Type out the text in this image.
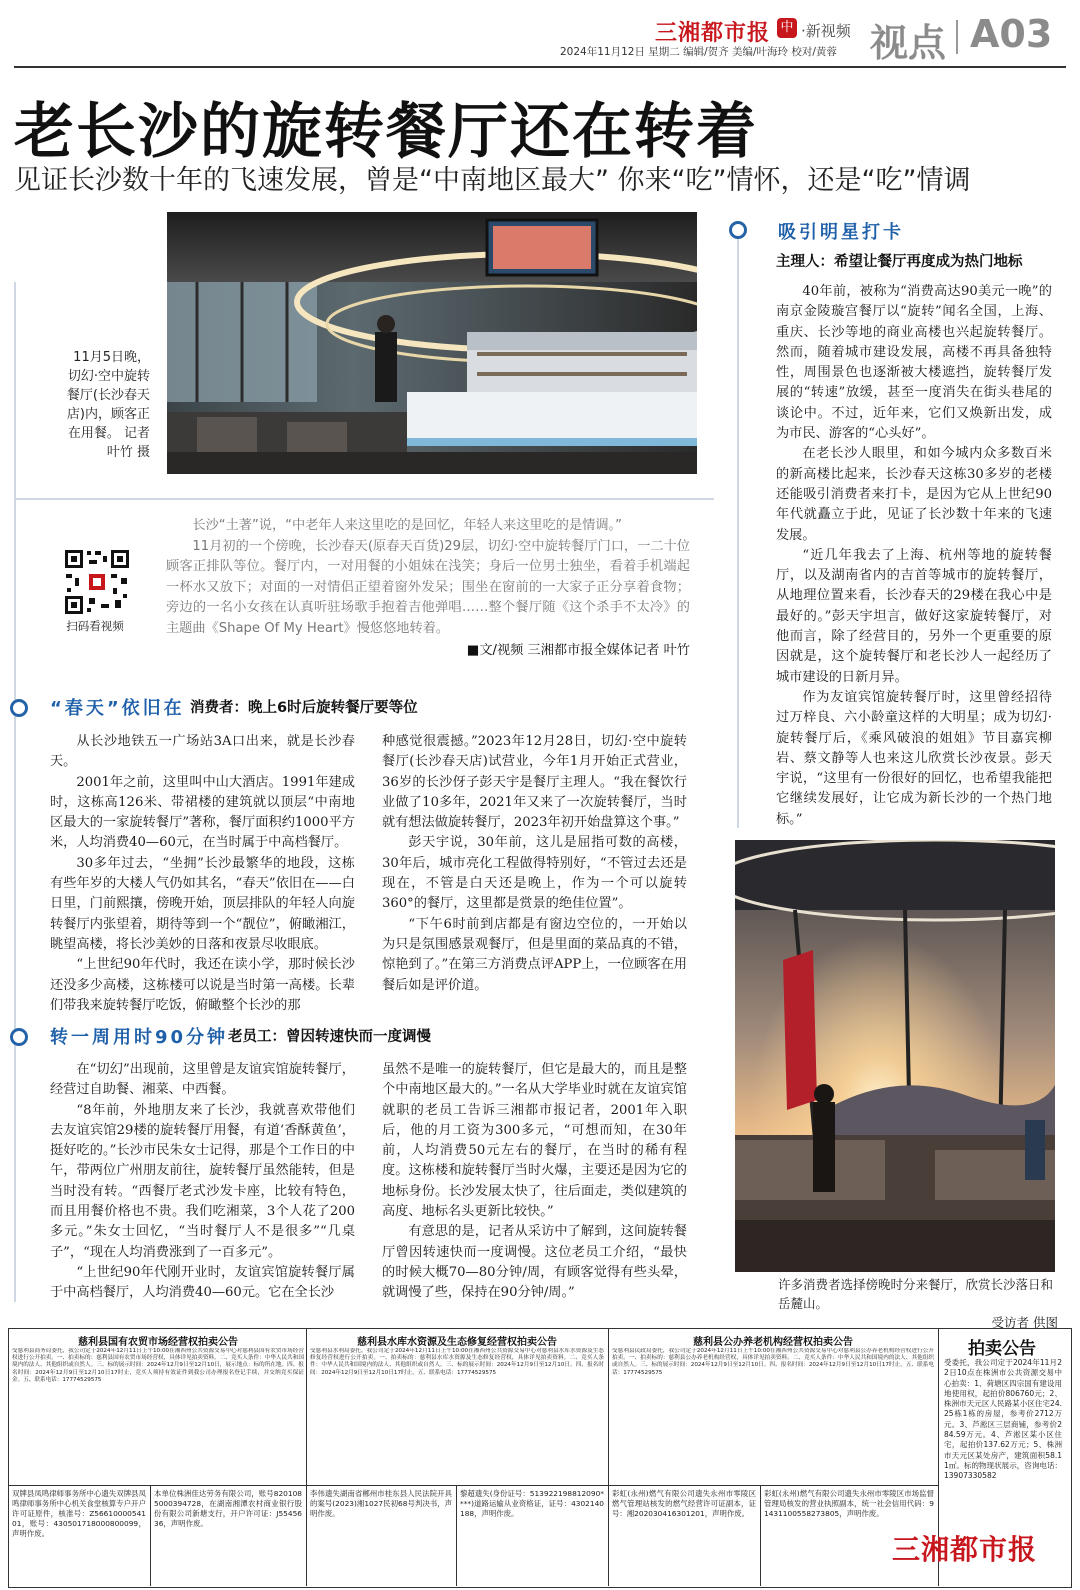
三湘都市报 中 ·新视频
2024年11月12日 星期二 编辑/贺齐 美编/叶海玲 校对/黄蓉 视点 A03
老长沙的旋转餐厅还在转着
见证长沙数十年的飞速发展，曾是“中南地区最大” 你来“吃”情怀，还是“吃”情调
11月5日晚，切幻·空中旋转餐厅(长沙春天店)内，顾客正在用餐。 记者 叶竹 摄
扫码看视频

长沙“土著”说，“中老年人来这里吃的是回忆，年轻人来这里吃的是情调。”

11月初的一个傍晚，长沙春天(原春天百货)29层，切幻·空中旋转餐厅门口，一二十位顾客正排队等位。餐厅内，一对用餐的小姐妹在浅笑；身后一位男士独坐，看着手机端起一杯水又放下；对面的一对情侣正望着窗外发呆；围坐在窗前的一大家子正分享着食物；旁边的一名小女孩在认真听驻场歌手抱着吉他弹唱……整个餐厅随《这个杀手不太冷》的主题曲《Shape Of My Heart》慢悠悠地转着。

■文/视频 三湘都市报全媒体记者 叶竹

“春天”依旧在 消费者：晚上6时后旋转餐厅要等位

从长沙地铁五一广场站3A口出来，就是长沙春天。

2001年之前，这里叫中山大酒店。1991年建成时，这栋高126米、带裙楼的建筑就以顶层“中南地区最大的一家旋转餐厅”著称，餐厅面积约1000平方米，人均消费40—60元，在当时属于中高档餐厅。

30多年过去，“坐拥”长沙最繁华的地段，这栋有些年岁的大楼人气仍如其名，“春天”依旧在——白日里，门前熙攘，傍晚开始，顶层排队的年轻人向旋转餐厅内张望着，期待等到一个“靓位”，俯瞰湘江，眺望高楼，将长沙美妙的日落和夜景尽收眼底。

“上世纪90年代时，我还在读小学，那时候长沙还没多少高楼，这栋楼可以说是当时第一高楼。长辈们带我来旋转餐厅吃饭，俯瞰整个长沙的那

种感觉很震撼。”2023年12月28日，切幻·空中旋转餐厅(长沙春天店)试营业，今年1月开始正式营业，36岁的长沙伢子彭天宇是餐厅主理人。“我在餐饮行业做了10多年，2021年又来了一次旋转餐厅，当时就有想法做旋转餐厅，2023年初开始盘算这个事。”

彭天宇说，30年前，这儿是屈指可数的高楼，30年后，城市亮化工程做得特别好，“不管过去还是现在，不管是白天还是晚上，作为一个可以旋转360°的餐厅，这里都是赏景的绝佳位置”。

“下午6时前到店都是有窗边空位的，一开始以为只是氛围感景观餐厅，但是里面的菜品真的不错，惊艳到了。”在第三方消费点评APP上，一位顾客在用餐后如是评价道。

转一周用时90分钟 老员工：曾因转速快而一度调慢

在“切幻”出现前，这里曾是友谊宾馆旋转餐厅，经营过自助餐、湘菜、中西餐。

“8年前，外地朋友来了长沙，我就喜欢带他们去友谊宾馆29楼的旋转餐厅用餐，有道‘香酥黄鱼’，挺好吃的。”长沙市民朱女士记得，那是个工作日的中午，带两位广州朋友前往，旋转餐厅虽然能转，但是当时没有转。“西餐厅老式沙发卡座，比较有特色，而且用餐价格也不贵。我们吃湘菜，3个人花了200多元。”朱女士回忆，“当时餐厅人不是很多”“几桌子”，“现在人均消费涨到了一百多元”。

“上世纪90年代刚开业时，友谊宾馆旋转餐厅属于中高档餐厅，人均消费40—60元。它在全长沙

虽然不是唯一的旋转餐厅，但它是最大的，而且是整个中南地区最大的。”一名从大学毕业时就在友谊宾馆就职的老员工告诉三湘都市报记者，2001年入职后，他的月工资为300多元，“可想而知，在30年前，人均消费50元左右的餐厅，在当时的稀有程度。这栋楼和旋转餐厅当时火爆，主要还是因为它的地标身份。长沙发展太快了，往后面走，类似建筑的高度、地标名头更新比较快。”

有意思的是，记者从采访中了解到，这间旋转餐厅曾因转速快而一度调慢。这位老员工介绍，“最快的时候大概70—80分钟/周，有顾客觉得有些头晕，就调慢了些，保持在90分钟/周。”

吸引明星打卡
主理人：希望让餐厅再度成为热门地标

40年前，被称为“消费高达90美元一晚”的南京金陵璇宫餐厅以“旋转”闻名全国，上海、重庆、长沙等地的商业高楼也兴起旋转餐厅。然而，随着城市建设发展，高楼不再具备独特性，周围景色也逐渐被大楼遮挡，旋转餐厅发展的“转速”放缓，甚至一度消失在街头巷尾的谈论中。不过，近年来，它们又焕新出发，成为市民、游客的“心头好”。

在老长沙人眼里，和如今城内众多数百米的新高楼比起来，长沙春天这栋30多岁的老楼还能吸引消费者来打卡，是因为它从上世纪90年代就矗立于此，见证了长沙数十年来的飞速发展。

“近几年我去了上海、杭州等地的旋转餐厅，以及湖南省内的吉首等城市的旋转餐厅，从地理位置来看，长沙春天的29楼在我心中是最好的。”彭天宇坦言，做好这家旋转餐厅，对他而言，除了经营目的，另外一个更重要的原因就是，这个旋转餐厅和老长沙人一起经历了城市建设的日新月异。

作为友谊宾馆旋转餐厅时，这里曾经招待过万梓良、六小龄童这样的大明星；成为切幻·旋转餐厅后，《乘风破浪的姐姐》节目嘉宾柳岩、蔡文静等人也来这儿欣赏长沙夜景。彭天宇说，“这里有一份很好的回忆，也希望我能把它继续发展好，让它成为新长沙的一个热门地标。”

许多消费者选择傍晚时分来餐厅，欣赏长沙落日和岳麓山。
受访者 供图
慈利县国有农贸市场经营权拍卖公告
受慈利县商务局委托，我公司定于2024年12月11日上午10:00在湘西州公共资源交易中心对慈利县国有农贸市场经营权进行公开拍卖。一、拍卖标的：慈利县国有农贸市场经营权，具体详见拍卖资料。二、竞买人条件：中华人民共和国境内的法人、其他组织或自然人。三、标的展示时间：2024年12月9日至12月10日，展示地点：标的所在地。四、报名时间：2024年12月9日至12月10日17时止，竞买人须持有效证件到我公司办理报名登记手续，并交纳竞买保证金。五、联系电话：17774529575
慈利县水库水资源及生态修复经营权拍卖公告
受慈利县水利局委托，我公司定于2024年12月11日上午10:00在湘西州公共资源交易中心对慈利县水库水资源及生态修复经营权进行公开拍卖。一、拍卖标的：慈利县水库水资源及生态修复经营权，具体详见拍卖资料。二、竞买人条件：中华人民共和国境内的法人、其他组织或自然人。三、标的展示时间：2024年12月9日至12月10日。四、报名时间：2024年12月9日至12月10日17时止。五、联系电话：17774529575
慈利县公办养老机构经营权拍卖公告
受慈利县民政局委托，我公司定于2024年12月11日上午10:00在湘西州公共资源交易中心对慈利县公办养老机构经营权进行公开拍卖。一、拍卖标的：慈利县公办养老机构经营权，具体详见拍卖资料。二、竞买人条件：中华人民共和国境内的法人、其他组织或自然人。三、标的展示时间：2024年12月9日至12月10日。四、报名时间：2024年12月9日至12月10日17时止。五、联系电话：17774529575
拍卖公告
受委托，我公司定于2024年11月22日10点在株洲市公共资源交易中心拍卖：1、荷塘区四宗国有建设用地使用权，起拍价806760元；2、株洲市天元区人民路某小区住宅24.25栋1栋的房屋，参考价2712万元。3、芦淞区三层商铺，参考价284.59万元。4、芦淞区某小区住宅，起拍价137.62万元；5、株洲市天元区某处房产，建筑面积58.11㎡。标的物现状展示，咨询电话：13907330582
双牌县凤鸣律师事务所中心遗失双牌县凤鸣律师事务所中心机关食堂核算专户开户许可证原件，核准号：Z5661000054101，账号：430501718000800099，声明作废。
本单位株洲佳达劳务有限公司，账号8201085000394728，在湖南湘潭农村商业银行股份有限公司新塘支行，开户许可证：J5545636，声明作废。
李伟遗失湖南省郴州市桂东县人民法院开具的案号(2023)湘1027民初68号判决书，声明作废。
黎超遗失(身份证号：513922198812090****)道路运输从业资格证，证号：4302140188，声明作废。
彩虹(永州)燃气有限公司遗失永州市零陵区燃气管理站核发的燃气经营许可证副本，证号：湘202030416301201，声明作废。
彩虹(永州)燃气有限公司遗失永州市零陵区市场监督管理局核发的营业执照副本，统一社会信用代码：91431100558273805，声明作废。
三湘都市报
